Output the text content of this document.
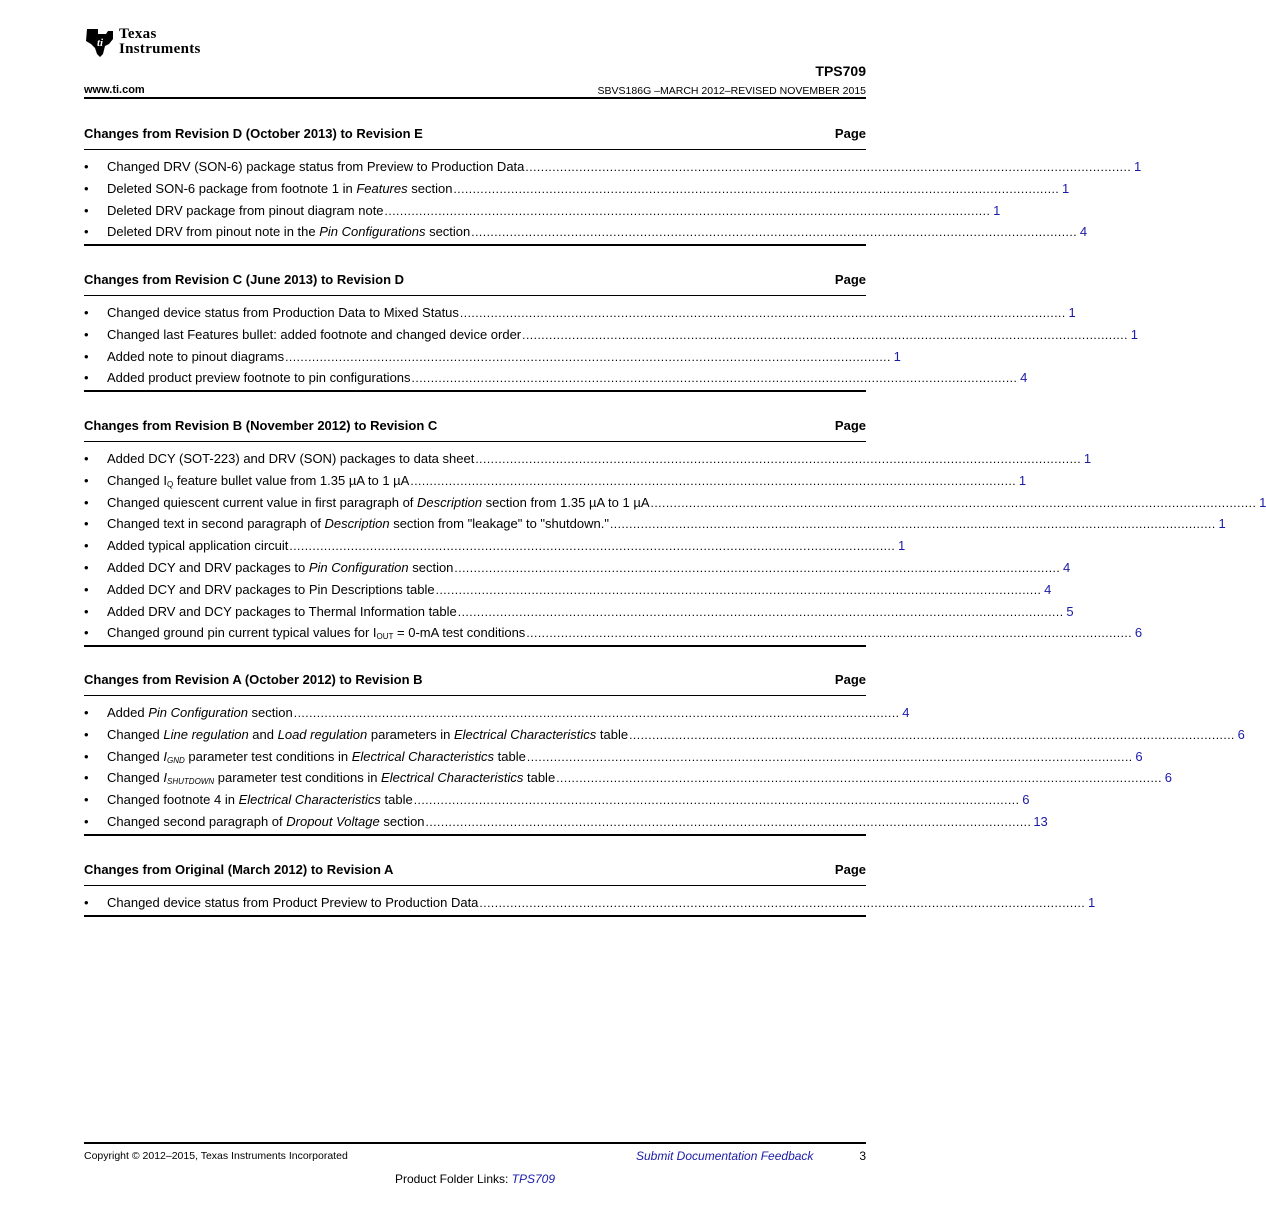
ti
Texas
Instruments
TPS709
www.ti.com	SBVS186G –MARCH 2012–REVISED NOVEMBER 2015
Changes from Revision D (October 2013) to Revision E	Page
•	Changed DRV (SON-6) package status from Preview to Production Data .............................................................................................................................................................. 1
•	Deleted SON-6 package from footnote 1 in Features section .............................................................................................................................................................. 1
•	Deleted DRV package from pinout diagram note .............................................................................................................................................................. 1
•	Deleted DRV from pinout note in the Pin Configurations section .............................................................................................................................................................. 4
Changes from Revision C (June 2013) to Revision D	Page
•	Changed device status from Production Data to Mixed Status .............................................................................................................................................................. 1
•	Changed last Features bullet: added footnote and changed device order .............................................................................................................................................................. 1
•	Added note to pinout diagrams .............................................................................................................................................................. 1
•	Added product preview footnote to pin configurations .............................................................................................................................................................. 4
Changes from Revision B (November 2012) to Revision C	Page
•	Added DCY (SOT-223) and DRV (SON) packages to data sheet .............................................................................................................................................................. 1
•	Changed $I_Q$ feature bullet value from 1.35 µA to 1 µA .............................................................................................................................................................. 1
•	Changed quiescent current value in first paragraph of Description section from 1.35 µA to 1 µA .............................................................................................................................................................. 1
•	Changed text in second paragraph of Description section from "leakage" to "shutdown." .............................................................................................................................................................. 1
•	Added typical application circuit .............................................................................................................................................................. 1
•	Added DCY and DRV packages to Pin Configuration section .............................................................................................................................................................. 4
•	Added DCY and DRV packages to Pin Descriptions table .............................................................................................................................................................. 4
•	Added DRV and DCY packages to Thermal Information table .............................................................................................................................................................. 5
•	Changed ground pin current typical values for $I_{OUT} = 0-mA$ test conditions .............................................................................................................................................................. 6
Changes from Revision A (October 2012) to Revision B	Page
•	Added Pin Configuration section .............................................................................................................................................................. 4
•	Changed Line regulation and Load regulation parameters in Electrical Characteristics table .............................................................................................................................................................. 6
•	Changed $I_{GND}$ parameter test conditions in Electrical Characteristics table .............................................................................................................................................................. 6
•	Changed $I_{SHUTDOWN}$ parameter test conditions in Electrical Characteristics table .............................................................................................................................................................. 6
•	Changed footnote 4 in Electrical Characteristics table .............................................................................................................................................................. 6
•	Changed second paragraph of Dropout Voltage section .............................................................................................................................................................. 13
Changes from Original (March 2012) to Revision A	Page
•	Changed device status from Product Preview to Production Data .............................................................................................................................................................. 1
Copyright © 2012–2015, Texas Instruments Incorporated	Submit Documentation Feedback	3
Product Folder Links: TPS709
